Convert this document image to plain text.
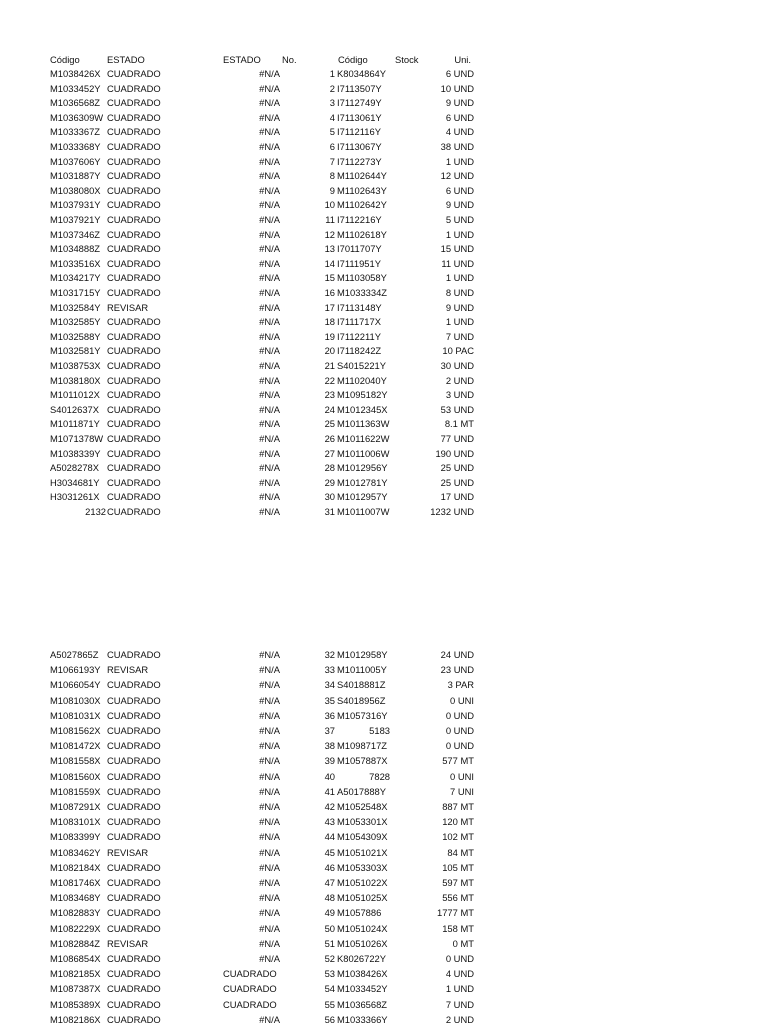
Código	ESTADO	ESTADO No.	Código	Stock	Uni.
M1038426X CUADRADO	#N/A	1 K8034864Y	6 UND
M1033452Y CUADRADO	#N/A	2 I7113507Y	10 UND
M1036568Z CUADRADO	#N/A	3 I7112749Y	9 UND
M1036309W CUADRADO	#N/A	4 I7113061Y	6 UND
M1033367Z CUADRADO	#N/A	5 I7112116Y	4 UND
M1033368Y CUADRADO	#N/A	6 I7113067Y	38 UND
M1037606Y CUADRADO	#N/A	7 I7112273Y	1 UND
M1031887Y CUADRADO	#N/A	8 M1102644Y	12 UND
M1038080X CUADRADO	#N/A	9 M1102643Y	6 UND
M1037931Y CUADRADO	#N/A	10 M1102642Y	9 UND
M1037921Y CUADRADO	#N/A	11 I7112216Y	5 UND
M1037346Z CUADRADO	#N/A	12 M1102618Y	1 UND
M1034888Z CUADRADO	#N/A	13 I7011707Y	15 UND
M1033516X CUADRADO	#N/A	14 I7111951Y	11 UND
M1034217Y CUADRADO	#N/A	15 M1103058Y	1 UND
M1031715Y CUADRADO	#N/A	16 M1033334Z	8 UND
M1032584Y REVISAR	#N/A	17 I7113148Y	9 UND
M1032585Y CUADRADO	#N/A	18 I7111717X	1 UND
M1032588Y CUADRADO	#N/A	19 I7112211Y	7 UND
M1032581Y CUADRADO	#N/A	20 I7118242Z	10 PAC
M1038753X CUADRADO	#N/A	21 S4015221Y	30 UND
M1038180X CUADRADO	#N/A	22 M1102040Y	2 UND
M1011012X CUADRADO	#N/A	23 M1095182Y	3 UND
S4012637X CUADRADO	#N/A	24 M1012345X	53 UND
M1011871Y CUADRADO	#N/A	25 M1011363W	8.1 MT
M1071378W CUADRADO	#N/A	26 M1011622W	77 UND
M1038339Y CUADRADO	#N/A	27 M1011006W	190 UND
A5028278X CUADRADO	#N/A	28 M1012956Y	25 UND
H3034681Y CUADRADO	#N/A	29 M1012781Y	25 UND
H3031261X CUADRADO	#N/A	30 M1012957Y	17 UND
2132 CUADRADO	#N/A	31 M1011007W	1232 UND
A5027865Z CUADRADO	#N/A	32 M1012958Y	24 UND
M1066193Y REVISAR	#N/A	33 M1011005Y	23 UND
M1066054Y CUADRADO	#N/A	34 S4018881Z	3 PAR
M1081030X CUADRADO	#N/A	35 S4018956Z	0 UNI
M1081031X CUADRADO	#N/A	36 M1057316Y	0 UND
M1081562X CUADRADO	#N/A	37	5183	0 UND
M1081472X CUADRADO	#N/A	38 M1098717Z	0 UND
M1081558X CUADRADO	#N/A	39 M1057887X	577 MT
M1081560X CUADRADO	#N/A	40	7828	0 UNI
M1081559X CUADRADO	#N/A	41 A5017888Y	7 UNI
M1087291X CUADRADO	#N/A	42 M1052548X	887 MT
M1083101X CUADRADO	#N/A	43 M1053301X	120 MT
M1083399Y CUADRADO	#N/A	44 M1054309X	102 MT
M1083462Y REVISAR	#N/A	45 M1051021X	84 MT
M1082184X CUADRADO	#N/A	46 M1053303X	105 MT
M1081746X CUADRADO	#N/A	47 M1051022X	597 MT
M1083468Y CUADRADO	#N/A	48 M1051025X	556 MT
M1082883Y CUADRADO	#N/A	49 M1057886	1777 MT
M1082229X CUADRADO	#N/A	50 M1051024X	158 MT
M1082884Z REVISAR	#N/A	51 M1051026X	0 MT
M1086854X CUADRADO	#N/A	52 K8026722Y	0 UND
M1082185X CUADRADO	CUADRADO	53 M1038426X	4 UND
M1087387X CUADRADO	CUADRADO	54 M1033452Y	1 UND
M1085389X CUADRADO	CUADRADO	55 M1036568Z	7 UND
M1082186X CUADRADO	#N/A	56 M1033366Y	2 UND
